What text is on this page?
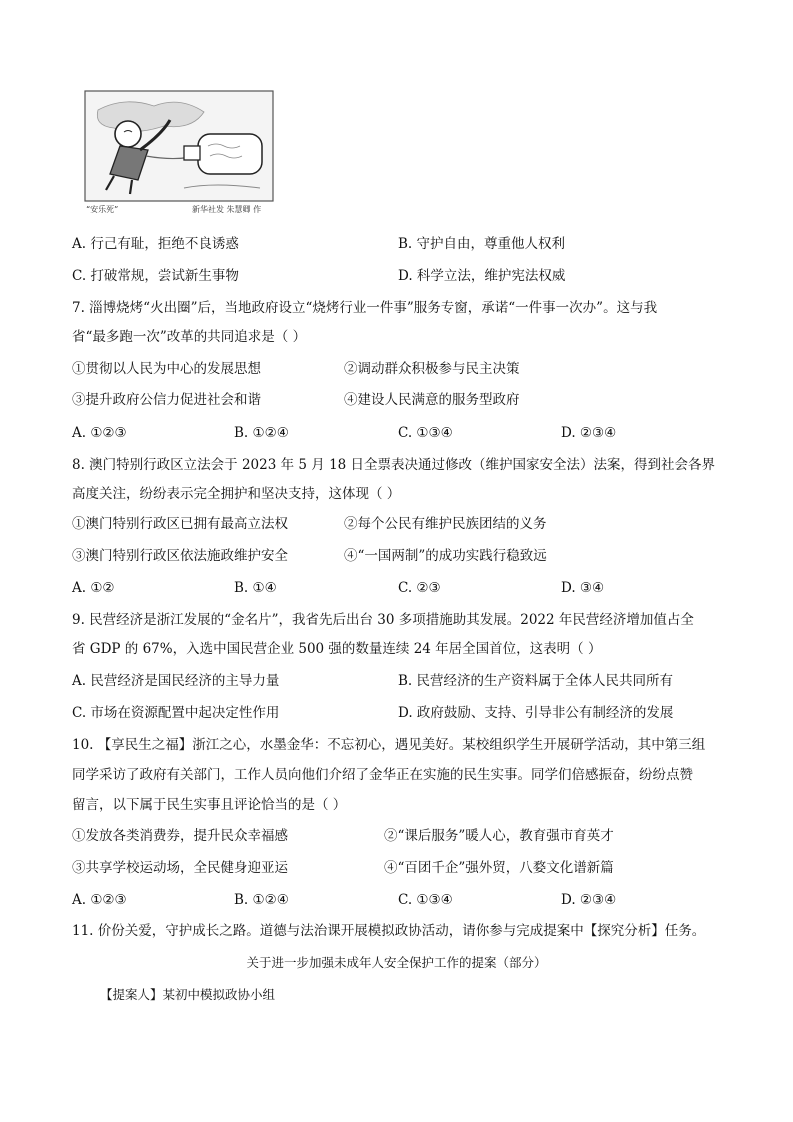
“安乐死”	新华社发 朱慧卿 作
A. 行己有耻，拒绝不良诱惑	B. 守护自由，尊重他人权利
C. 打破常规，尝试新生事物	D. 科学立法，维护宪法权威
7. 淄博烧烤“火出圈”后，当地政府设立“烧烤行业一件事”服务专窗，承诺“一件事一次办”。这与我
省“最多跑一次”改革的共同追求是（ ）
①贯彻以人民为中心的发展思想	②调动群众积极参与民主决策
③提升政府公信力促进社会和谐	④建设人民满意的服务型政府
A. ①②③	B. ①②④	C. ①③④	D. ②③④
8. 澳门特别行政区立法会于 2023 年 5 月 18 日全票表决通过修改（维护国家安全法）法案，得到社会各界
高度关注，纷纷表示完全拥护和坚决支持，这体现（ ）
①澳门特别行政区已拥有最高立法权	②每个公民有维护民族团结的义务
③澳门特别行政区依法施政维护安全	④“一国两制”的成功实践行稳致远
A. ①②	B. ①④	C. ②③	D. ③④
9. 民营经济是浙江发展的“金名片”，我省先后出台 30 多项措施助其发展。2022 年民营经济增加值占全
省 GDP 的 67%，入选中国民营企业 500 强的数量连续 24 年居全国首位，这表明（ ）
A. 民营经济是国民经济的主导力量	B. 民营经济的生产资料属于全体人民共同所有
C. 市场在资源配置中起决定性作用	D. 政府鼓励、支持、引导非公有制经济的发展
10. 【享民生之福】浙江之心，水墨金华：不忘初心，遇见美好。某校组织学生开展研学活动，其中第三组
同学采访了政府有关部门，工作人员向他们介绍了金华正在实施的民生实事。同学们倍感振奋，纷纷点赞
留言，以下属于民生实事且评论恰当的是（ ）
①发放各类消费券，提升民众幸福感	②“课后服务”暖人心，教育强市育英才
③共享学校运动场，全民健身迎亚运	④“百团千企”强外贸，八婺文化谱新篇
A. ①②③	B. ①②④	C. ①③④	D. ②③④
11. 价份关爱，守护成长之路。道德与法治课开展模拟政协活动，请你参与完成提案中【探究分析】任务。
关于进一步加强未成年人安全保护工作的提案（部分）
【提案人】某初中模拟政协小组
